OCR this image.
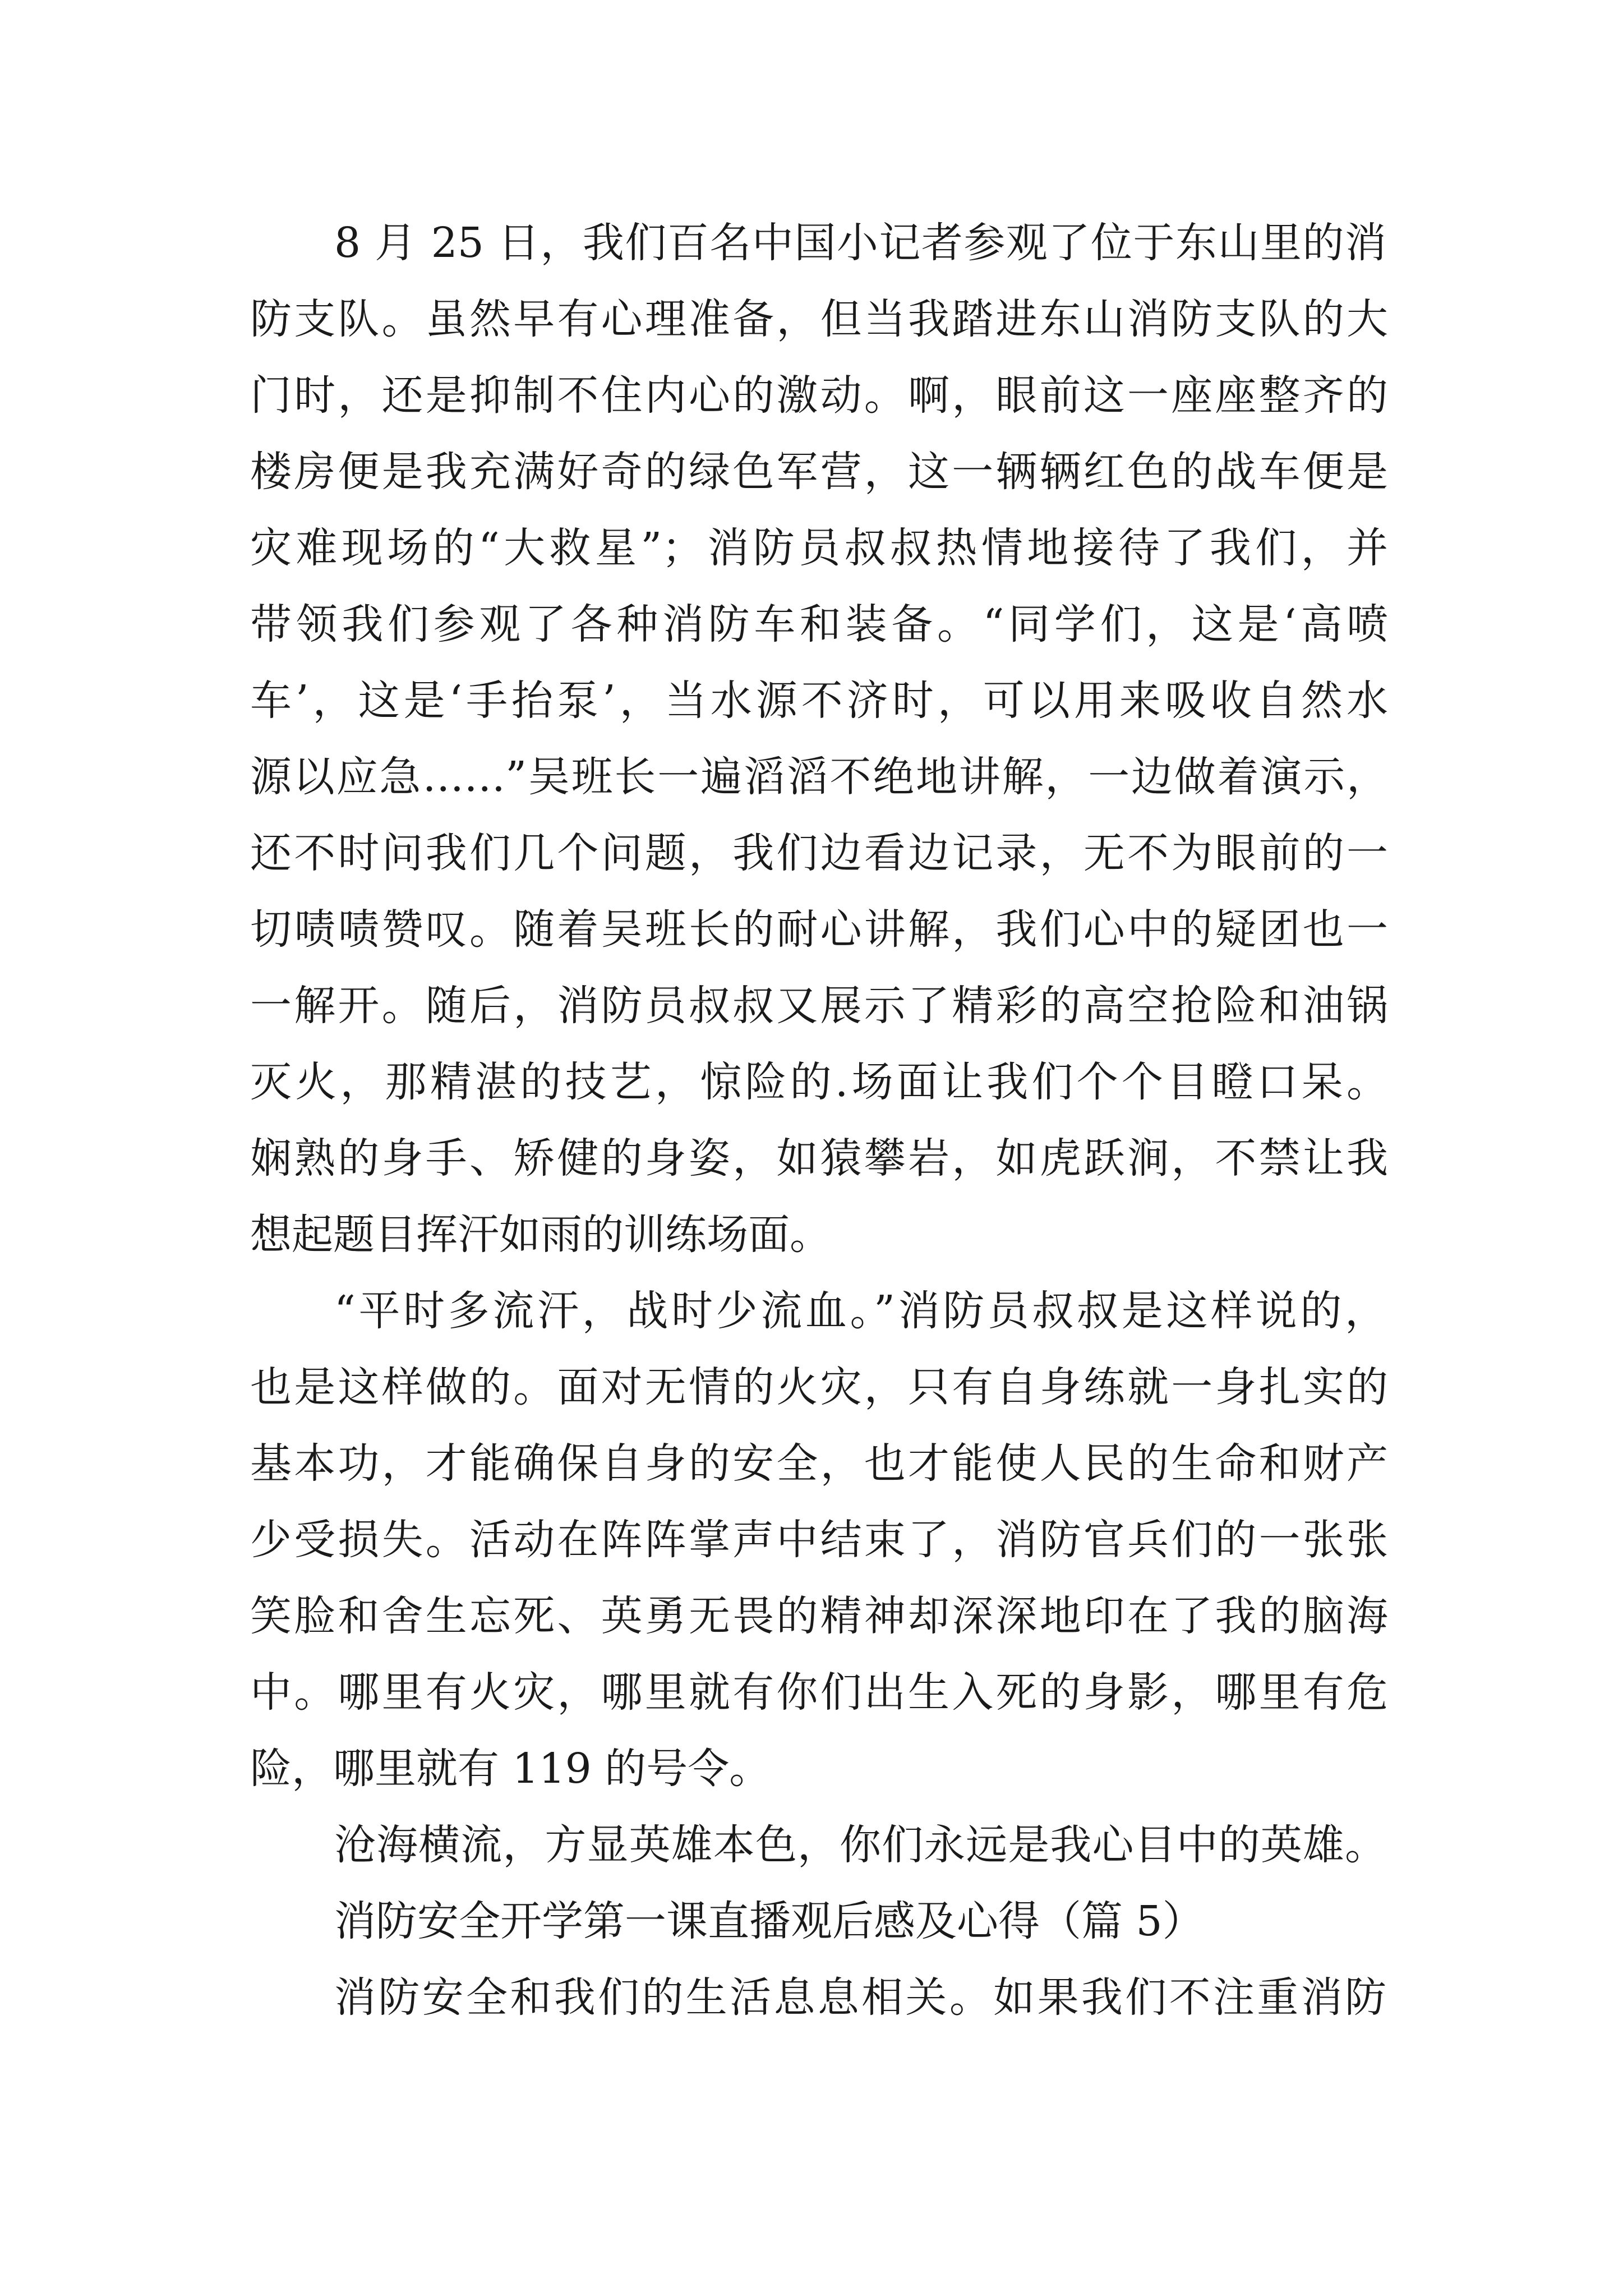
8 月 25 日，我们百名中国小记者参观了位于东山里的消

防支队。虽然早有心理准备，但当我踏进东山消防支队的大

门时，还是抑制不住内心的激动。啊，眼前这一座座整齐的

楼房便是我充满好奇的绿色军营，这一辆辆红色的战车便是

灾难现场的“大救星”；消防员叔叔热情地接待了我们，并

带领我们参观了各种消防车和装备。“同学们，这是‘高喷

车’，这是‘手抬泵’，当水源不济时，可以用来吸收自然水

源以应急……”吴班长一遍滔滔不绝地讲解，一边做着演示，

还不时问我们几个问题，我们边看边记录，无不为眼前的一

切啧啧赞叹。随着吴班长的耐心讲解，我们心中的疑团也一

一解开。随后，消防员叔叔又展示了精彩的高空抢险和油锅

灭火，那精湛的技艺，惊险的.场面让我们个个目瞪口呆。

娴熟的身手、矫健的身姿，如猿攀岩，如虎跃涧，不禁让我

想起题目挥汗如雨的训练场面。

“平时多流汗，战时少流血。”消防员叔叔是这样说的，

也是这样做的。面对无情的火灾，只有自身练就一身扎实的

基本功，才能确保自身的安全，也才能使人民的生命和财产

少受损失。活动在阵阵掌声中结束了，消防官兵们的一张张

笑脸和舍生忘死、英勇无畏的精神却深深地印在了我的脑海

中。哪里有火灾，哪里就有你们出生入死的身影，哪里有危

险，哪里就有 119 的号令。

沧海横流，方显英雄本色，你们永远是我心目中的英雄。

消防安全开学第一课直播观后感及心得（篇 5）

消防安全和我们的生活息息相关。如果我们不注重消防
